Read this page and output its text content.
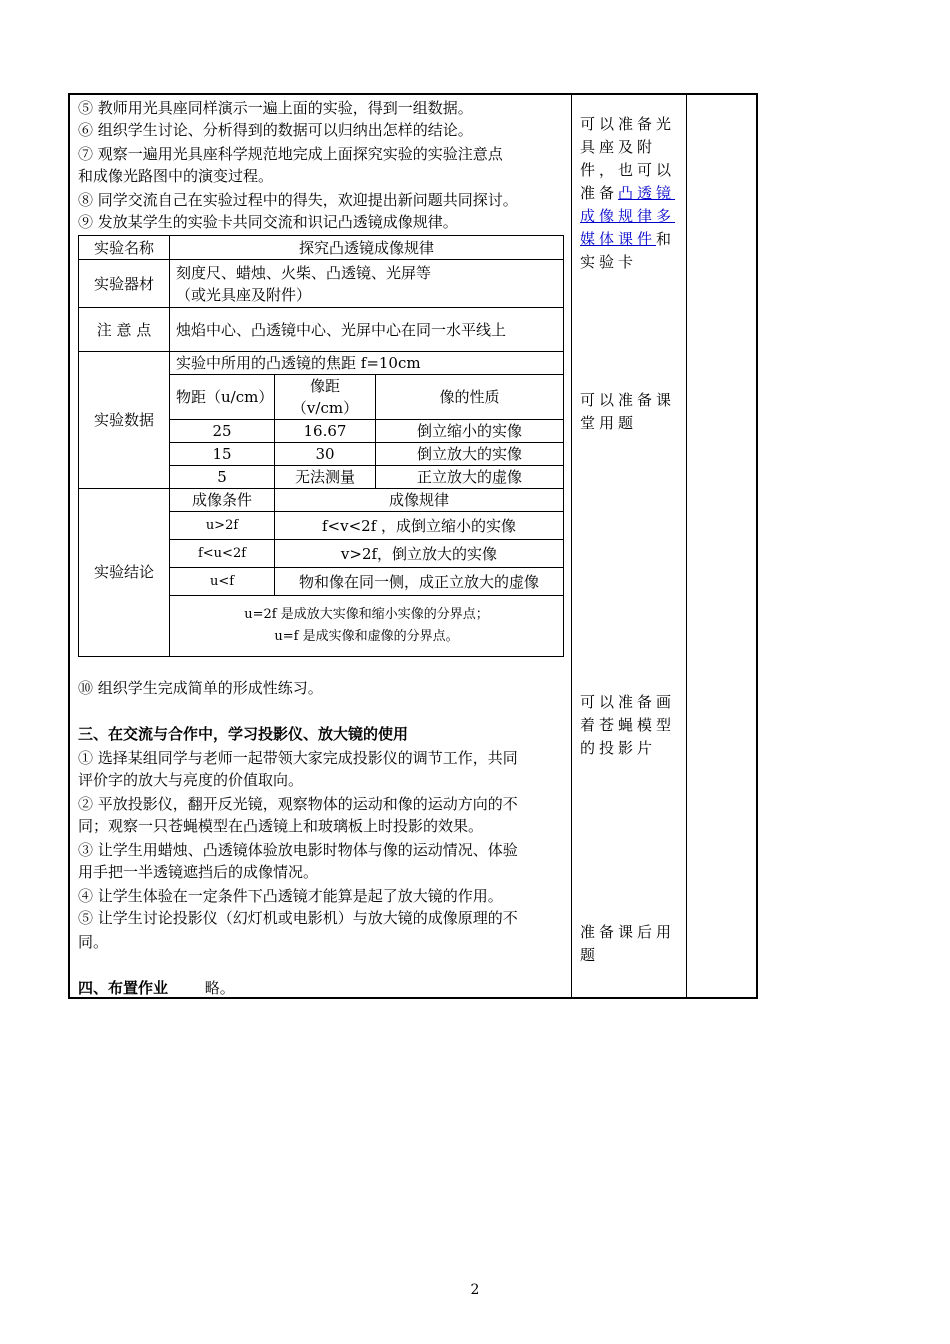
⑤ 教师用光具座同样演示一遍上面的实验，得到一组数据。
⑥ 组织学生讨论、分析得到的数据可以归纳出怎样的结论。
⑦ 观察一遍用光具座科学规范地完成上面探究实验的实验注意点
和成像光路图中的演变过程。
⑧ 同学交流自己在实验过程中的得失，欢迎提出新问题共同探讨。
⑨ 发放某学生的实验卡共同交流和识记凸透镜成像规律。
实验名称	探究凸透镜成像规律
实验器材	
刻度尺、蜡烛、火柴、凸透镜、光屏等
（或光具座及附件）

注 意 点	烛焰中心、凸透镜中心、光屏中心在同一水平线上
实验数据	
实验中所用的凸透镜的焦距 f=10cm
物距（u/cm）	像距（v/cm）	像的性质
25	16.67	倒立缩小的实像
15	30	倒立放大的实像
5	无法测量	正立放大的虚像

实验结论	
成像条件	成像规律
u>2f	f<v<2f ，成倒立缩小的实像
f<u<2f	v>2f，倒立放大的实像
u<f	物和像在同一侧，成正立放大的虚像

u=2f 是成放大实像和缩小实像的分界点；
u=f 是成实像和虚像的分界点。
⑩ 组织学生完成简单的形成性练习。
三、在交流与合作中，学习投影仪、放大镜的使用
① 选择某组同学与老师一起带领大家完成投影仪的调节工作，共同
评价字的放大与亮度的价值取向。
② 平放投影仪，翻开反光镜，观察物体的运动和像的运动方向的不
同；观察一只苍蝇模型在凸透镜上和玻璃板上时投影的效果。
③ 让学生用蜡烛、凸透镜体验放电影时物体与像的运动情况、体验
用手把一半透镜遮挡后的成像情况。
④ 让学生体验在一定条件下凸透镜才能算是起了放大镜的作用。
⑤ 让学生讨论投影仪（幻灯机或电影机）与放大镜的成像原理的不
同。
四、布置作业 略。
可以准备光具座及附件，也可以准备凸透镜成像规律多媒体课件和实验卡
可以准备课堂用题
可以准备画着苍蝇模型的投影片
准备课后用题
2
